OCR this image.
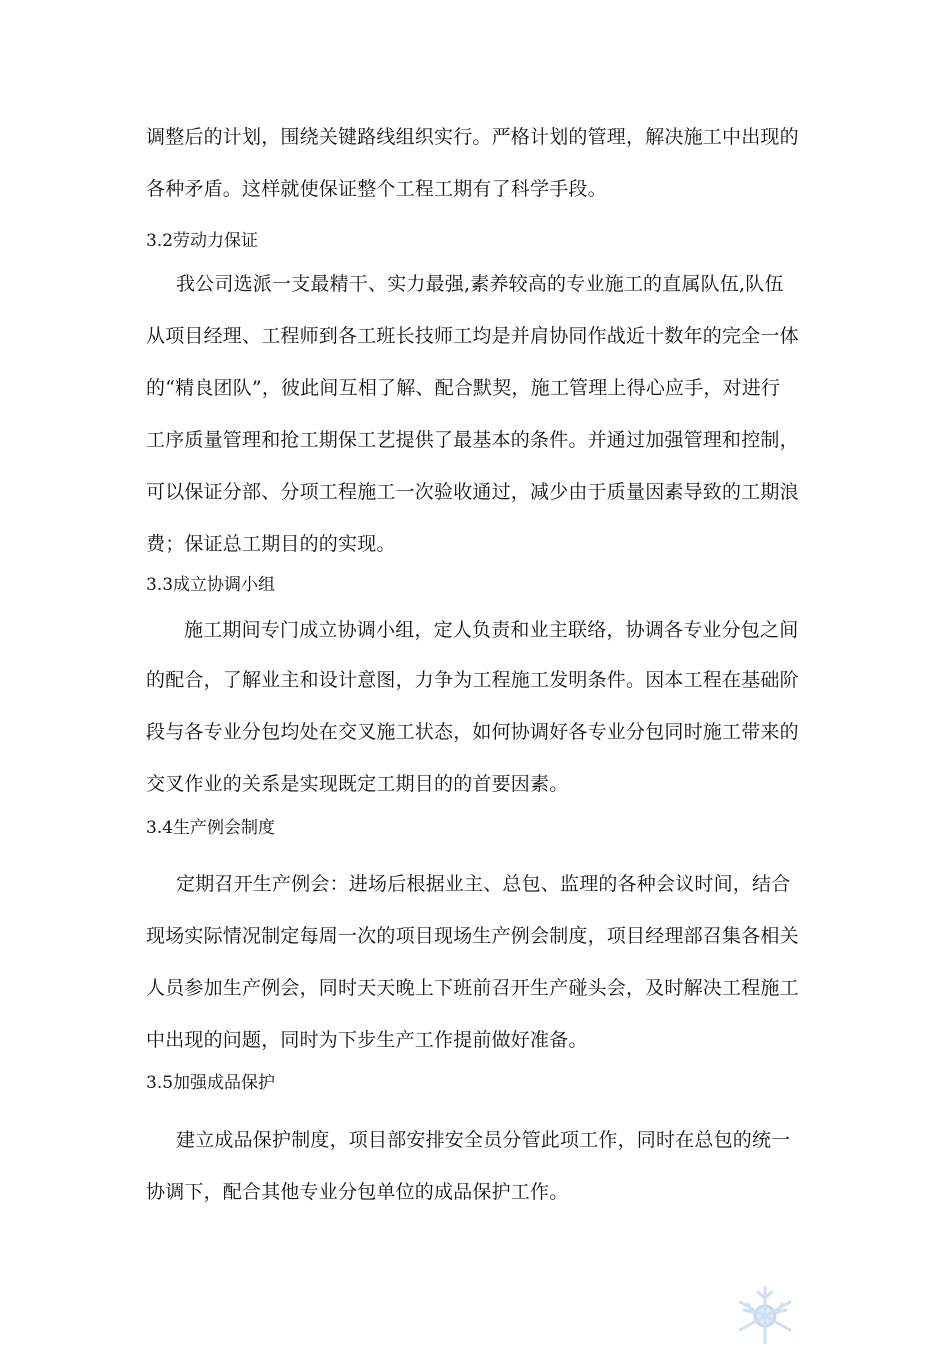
调整后的计划，围绕关键路线组织实行。严格计划的管理，解决施工中出现的
各种矛盾。这样就使保证整个工程工期有了科学手段。
3.2劳动力保证
我公司选派一支最精干、实力最强,素养较高的专业施工的直属队伍,队伍
从项目经理、工程师到各工班长技师工均是并肩协同作战近十数年的完全一体
的“精良团队”，彼此间互相了解、配合默契，施工管理上得心应手，对进行
工序质量管理和抢工期保工艺提供了最基本的条件。并通过加强管理和控制，
可以保证分部、分项工程施工一次验收通过，减少由于质量因素导致的工期浪
费；保证总工期目的的实现。
3.3成立协调小组
施工期间专门成立协调小组，定人负责和业主联络，协调各专业分包之间
的配合，了解业主和设计意图，力争为工程施工发明条件。因本工程在基础阶
段与各专业分包均处在交叉施工状态，如何协调好各专业分包同时施工带来的
交叉作业的关系是实现既定工期目的的首要因素。
3.4生产例会制度
定期召开生产例会：进场后根据业主、总包、监理的各种会议时间，结合
现场实际情况制定每周一次的项目现场生产例会制度，项目经理部召集各相关
人员参加生产例会，同时天天晚上下班前召开生产碰头会，及时解决工程施工
中出现的问题，同时为下步生产工作提前做好准备。
3.5加强成品保护
建立成品保护制度，项目部安排安全员分管此项工作，同时在总包的统一
协调下，配合其他专业分包单位的成品保护工作。
